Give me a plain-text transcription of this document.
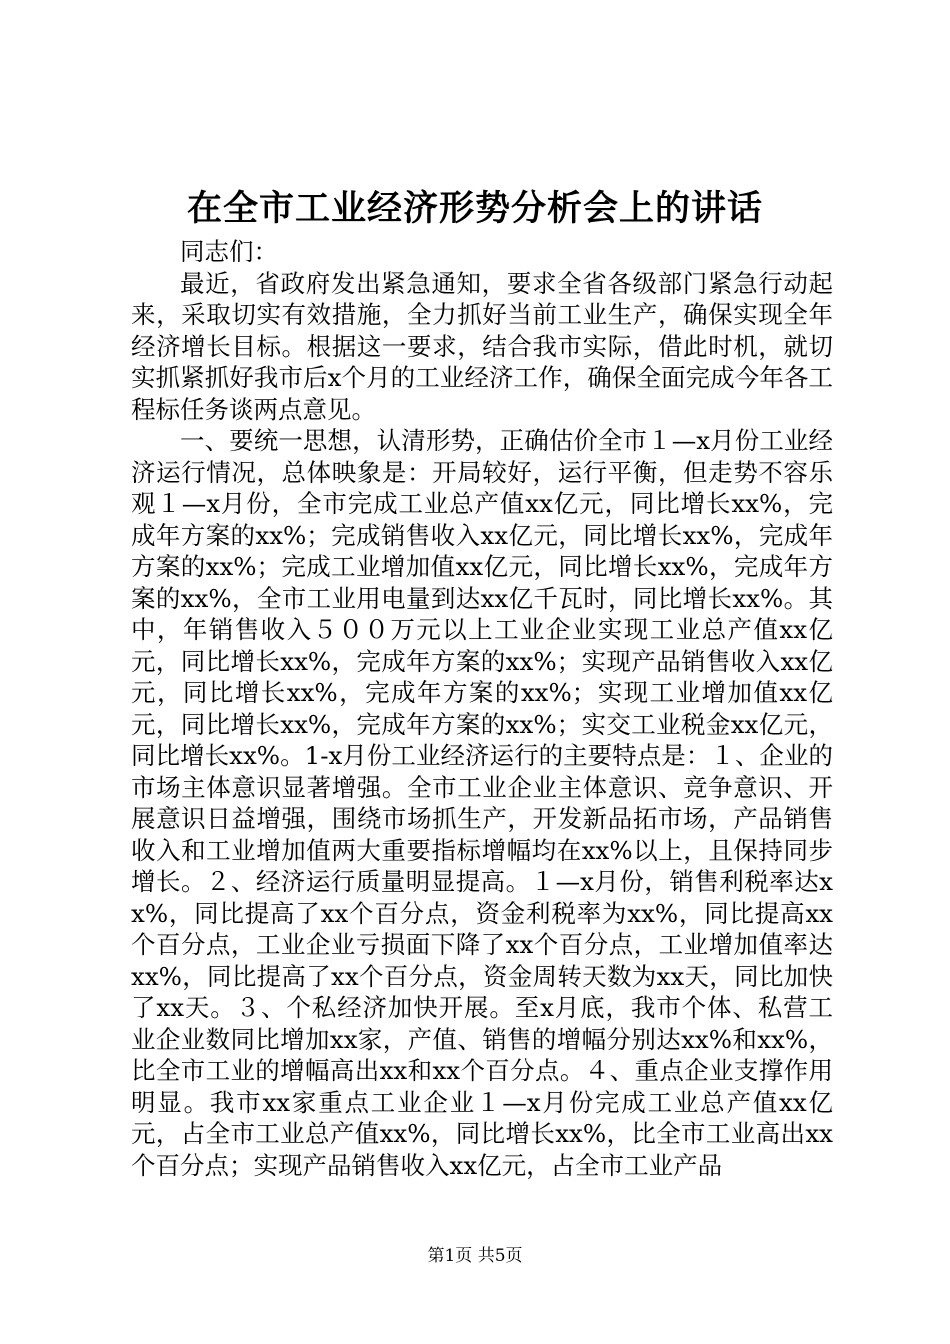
在全市工业经济形势分析会上的讲话

同志们：

最近，省政府发出紧急通知，要求全省各级部门紧急行动起来，采取切实有效措施，全力抓好当前工业生产，确保实现全年经济增长目标。根据这一要求，结合我市实际，借此时机，就切实抓紧抓好我市后x个月的工业经济工作，确保全面完成今年各工程标任务谈两点意见。

一、要统一思想，认清形势，正确估价全市１—x月份工业经济运行情况，总体映象是：开局较好，运行平衡，但走势不容乐观１—x月份，全市完成工业总产值xx亿元，同比增长xx%，完成年方案的xx%；完成销售收入xx亿元，同比增长xx%，完成年方案的xx%；完成工业增加值xx亿元，同比增长xx%，完成年方案的xx%，全市工业用电量到达xx亿千瓦时，同比增长xx%。其中，年销售收入５００万元以上工业企业实现工业总产值xx亿元，同比增长xx%，完成年方案的xx%；实现产品销售收入xx亿元，同比增长xx%，完成年方案的xx%；实现工业增加值xx亿元，同比增长xx%，完成年方案的xx%；实交工业税金xx亿元，同比增长xx%。1-x月份工业经济运行的主要特点是：１、企业的市场主体意识显著增强。全市工业企业主体意识、竞争意识、开展意识日益增强，围绕市场抓生产，开发新品拓市场，产品销售收入和工业增加值两大重要指标增幅均在xx%以上，且保持同步增长。２、经济运行质量明显提高。１—x月份，销售利税率达xx%，同比提高了xx个百分点，资金利税率为xx%，同比提高xx个百分点，工业企业亏损面下降了xx个百分点，工业增加值率达xx%，同比提高了xx个百分点，资金周转天数为xx天，同比加快了xx天。３、个私经济加快开展。至x月底，我市个体、私营工业企业数同比增加xx家，产值、销售的增幅分别达xx%和xx%，比全市工业的增幅高出xx和xx个百分点。４、重点企业支撑作用明显。我市xx家重点工业企业１—x月份完成工业总产值xx亿元，占全市工业总产值xx%，同比增长xx%，比全市工业高出xx个百分点；实现产品销售收入xx亿元，占全市工业产品

第1页 共5页
